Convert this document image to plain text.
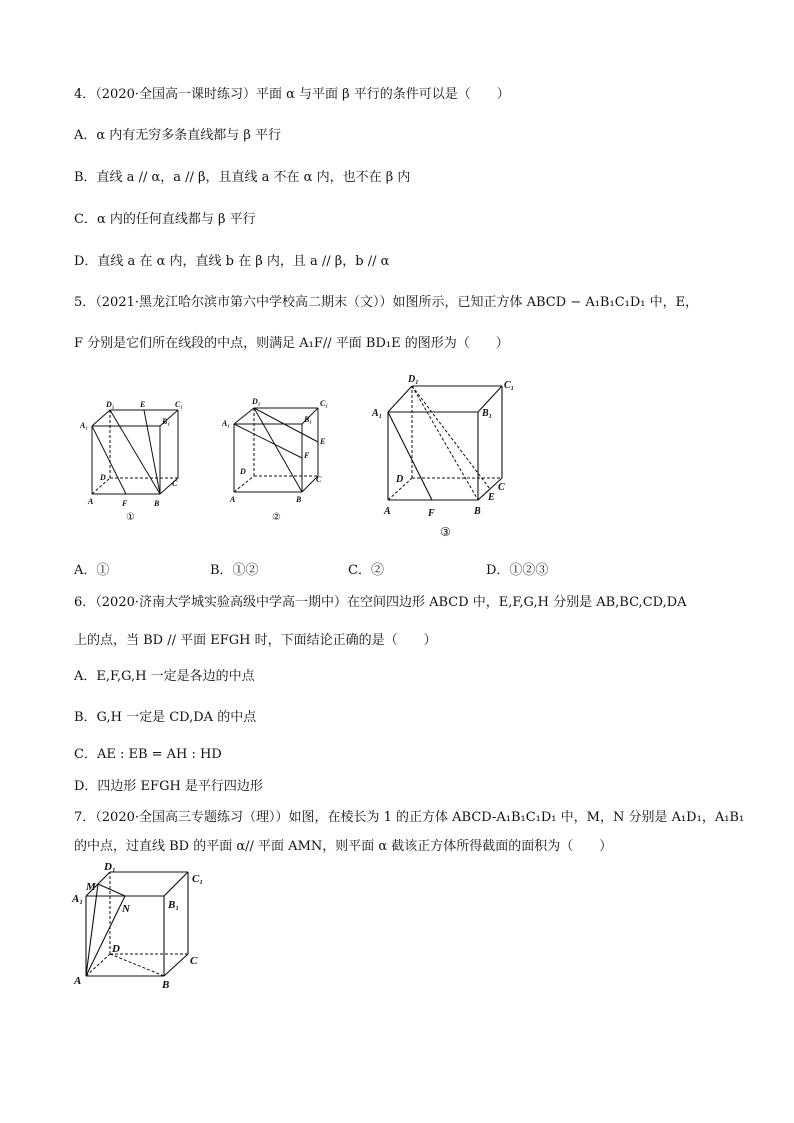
4．（2020·全国高一课时练习）平面 α 与平面 β 平行的条件可以是（　　）
A．α 内有无穷多条直线都与 β 平行
B．直线 a // α，a // β，且直线 a 不在 α 内，也不在 β 内
C．α 内的任何直线都与 β 平行
D．直线 a 在 α 内，直线 b 在 β 内，且 a // β，b // α
5．（2021·黑龙江哈尔滨市第六中学校高二期末（文））如图所示，已知正方体 ABCD − A₁B₁C₁D₁ 中，E，
F 分别是它们所在线段的中点，则满足 A₁F// 平面 BD₁E 的图形为（　　）
A₁
D₁	E	C₁
B₁
D
C
A	F	B
①
A₁
D₁	C₁
B₁
E
F
D
C
A	B
②
A₁
D₁
C₁
B₁
D
C
E
A	F	B
③
A．①	B．①②	C．②	D．①②③
6．（2020·济南大学城实验高级中学高一期中）在空间四边形 ABCD 中，E,F,G,H 分别是 AB,BC,CD,DA
上的点，当 BD // 平面 EFGH 时，下面结论正确的是（　　）
A．E,F,G,H 一定是各边的中点
B．G,H 一定是 CD,DA 的中点
C．AE : EB = AH : HD
D．四边形 EFGH 是平行四边形
7．（2020·全国高三专题练习（理））如图，在棱长为 1 的正方体 ABCD-A₁B₁C₁D₁ 中，M，N 分别是 A₁D₁，A₁B₁
的中点，过直线 BD 的平面 α// 平面 AMN，则平面 α 截该正方体所得截面的面积为（　　）
A₁
M
D₁
C₁
B₁
N
D
C
A	B
